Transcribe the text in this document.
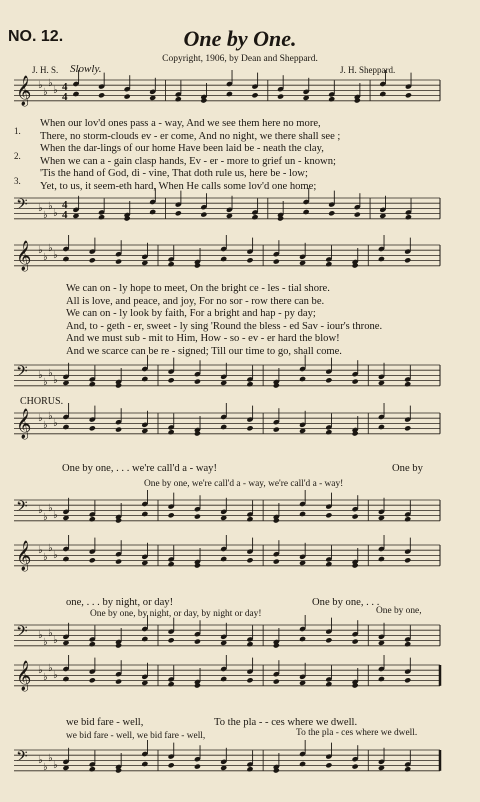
NO. 12.	One by One.
Copyright, 1906, by Dean and Sheppard.
J. H. S. Slowly.	J. H. Sheppard.
𝄞 ♭
♭
♭
♭ 4
4
𝄢 ♭
♭
♭
♭
4
4
𝄞 ♭
♭
♭
♭
𝄢 ♭
♭
♭
♭
𝄞 ♭
♭
♭
♭
𝄢 ♭
♭
♭
♭
𝄞 ♭
♭
♭
♭
𝄢 ♭
♭
♭
♭
𝄞 ♭
♭
♭
♭
𝄢 ♭
♭
♭
♭
1.
2.
3.
When our lov'd ones pass a - way, And we see them here no more,
There, no storm-clouds ev - er come, And no night, we there shall see ;
When the dar-lings of our home Have been laid be - neath the clay,
When we can a - gain clasp hands, Ev - er - more to grief un - known;
'Tis the hand of God, di - vine, That doth rule us, here be - low;
Yet, to us, it seem-eth hard, When He calls some lov'd one home;
We can on - ly hope to meet, On the bright ce - les - tial shore.
All is love, and peace, and joy, For no sor - row there can be.
We can on - ly look by faith, For a bright and hap - py day;
And, to - geth - er, sweet - ly sing 'Round the bless - ed Sav - iour's throne.
And we must sub - mit to Him, How - so - ev - er hard the blow!
And we scarce can be re - signed; Till our time to go, shall come.
CHORUS.
One by one, . . . we're call'd a - way!	One by
One by one, we're call'd a - way, we're call'd a - way!
one, . . . by night, or day!	One by one, . . .
One by one, by night, or day, by night or day!	One by one,
we bid fare - well,	To the pla - - ces where we dwell.
we bid fare - well, we bid fare - well,	To the pla - ces where we dwell.
